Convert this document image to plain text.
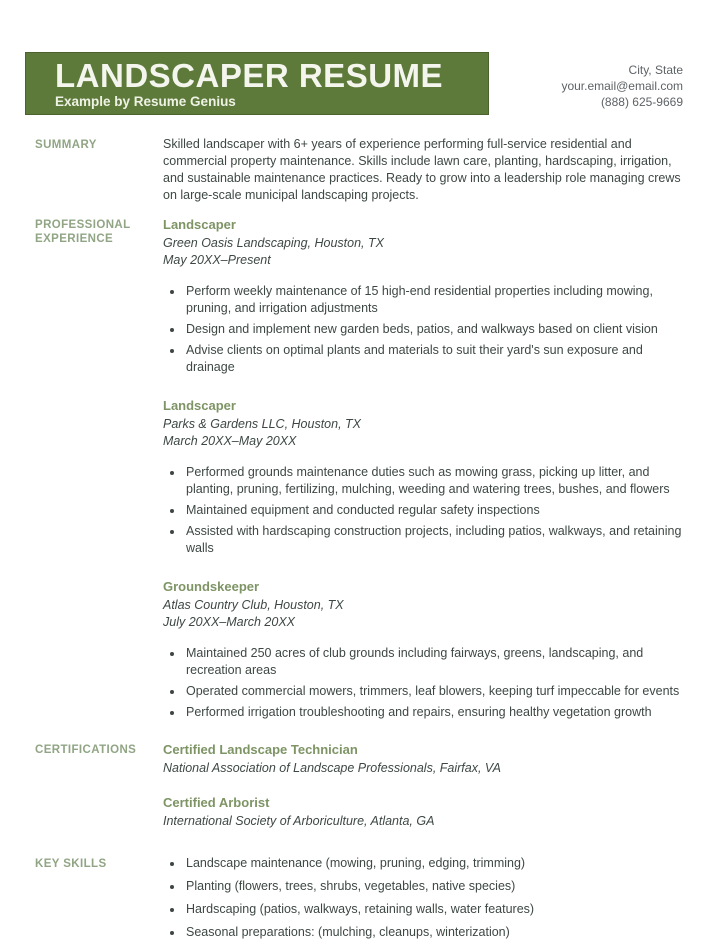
LANDSCAPER RESUME
Example by Resume Genius
City, State
your.email@email.com
(888) 625-9669
SUMMARY	Skilled landscaper with 6+ years of experience performing full-service residential and commercial property maintenance. Skills include lawn care, planting, hardscaping, irrigation, and sustainable maintenance practices. Ready to grow into a leadership role managing crews on large-scale municipal landscaping projects.

PROFESSIONAL EXPERIENCE

Landscaper

Green Oasis Landscaping, Houston, TX

May 20XX–Present

• Perform weekly maintenance of 15 high-end residential properties including mowing, pruning, and irrigation adjustments
• Design and implement new garden beds, patios, and walkways based on client vision
• Advise clients on optimal plants and materials to suit their yard's sun exposure and drainage

Landscaper

Parks & Gardens LLC, Houston, TX

March 20XX–May 20XX

• Performed grounds maintenance duties such as mowing grass, picking up litter, and planting, pruning, fertilizing, mulching, weeding and watering trees, bushes, and flowers
• Maintained equipment and conducted regular safety inspections
• Assisted with hardscaping construction projects, including patios, walkways, and retaining walls

Groundskeeper

Atlas Country Club, Houston, TX

July 20XX–March 20XX

• Maintained 250 acres of club grounds including fairways, greens, landscaping, and recreation areas
• Operated commercial mowers, trimmers, leaf blowers, keeping turf impeccable for events
• Performed irrigation troubleshooting and repairs, ensuring healthy vegetation growth
CERTIFICATIONS	Certified Landscape Technician

National Association of Landscape Professionals, Fairfax, VA

Certified Arborist

International Society of Arboriculture, Atlanta, GA

KEY SKILLS	• Landscape maintenance (mowing, pruning, edging, trimming)
• Planting (flowers, trees, shrubs, vegetables, native species)
• Hardscaping (patios, walkways, retaining walls, water features)
• Seasonal preparations: (mulching, cleanups, winterization)
